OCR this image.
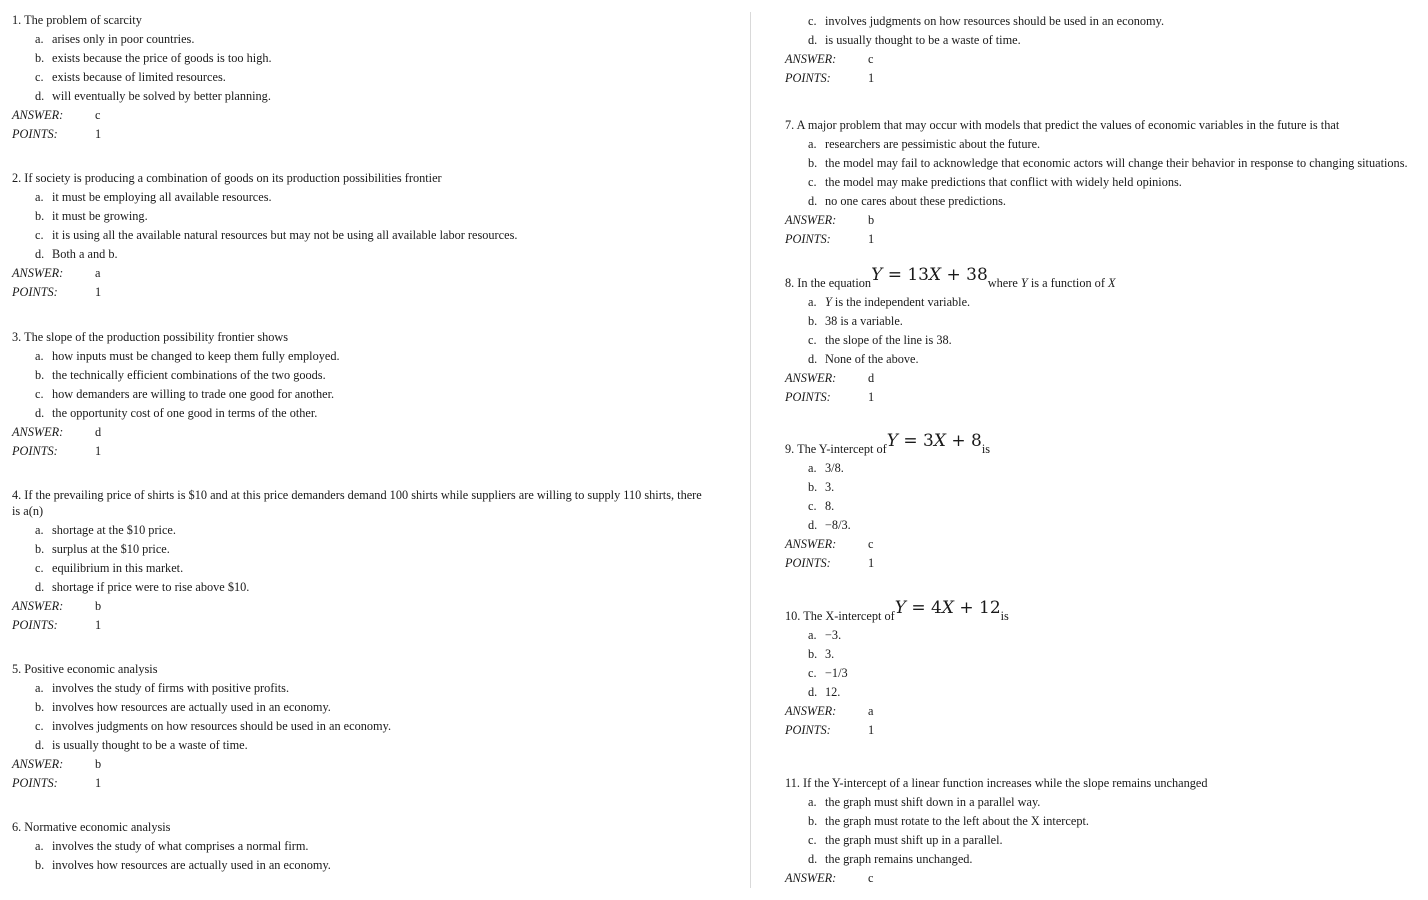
1. The problem of scarcity
a. arises only in poor countries.
b. exists because the price of goods is too high.
c. exists because of limited resources.
d. will eventually be solved by better planning.
ANSWER:	c
POINTS:	1
2. If society is producing a combination of goods on its production possibilities frontier
a. it must be employing all available resources.
b. it must be growing.
c. it is using all the available natural resources but may not be using all available labor resources.
d. Both a and b.
ANSWER:	a
POINTS:	1
3. The slope of the production possibility frontier shows
a. how inputs must be changed to keep them fully employed.
b. the technically efficient combinations of the two goods.
c. how demanders are willing to trade one good for another.
d. the opportunity cost of one good in terms of the other.
ANSWER:	d
POINTS:	1
4. If the prevailing price of shirts is $10 and at this price demanders demand 100 shirts while suppliers are willing to supply 110 shirts, there is a(n)
a. shortage at the $10 price.
b. surplus at the $10 price.
c. equilibrium in this market.
d. shortage if price were to rise above $10.
ANSWER:	b
POINTS:	1
5. Positive economic analysis
a. involves the study of firms with positive profits.
b. involves how resources are actually used in an economy.
c. involves judgments on how resources should be used in an economy.
d. is usually thought to be a waste of time.
ANSWER:	b
POINTS:	1
6. Normative economic analysis
a. involves the study of what comprises a normal firm.
b. involves how resources are actually used in an economy.
c. involves judgments on how resources should be used in an economy.
d. is usually thought to be a waste of time.
ANSWER:	c
POINTS:	1
7. A major problem that may occur with models that predict the values of economic variables in the future is that
a. researchers are pessimistic about the future.
b. the model may fail to acknowledge that economic actors will change their behavior in response to changing situations.
c. the model may make predictions that conflict with widely held opinions.
d. no one cares about these predictions.
ANSWER:	b
POINTS:	1
8. In the equationY = 13X + 38where Y is a function of X
a. Y is the independent variable.
b. 38 is a variable.
c. the slope of the line is 38.
d. None of the above.
ANSWER:	d
POINTS:	1
9. The Y-intercept ofY = 3X + 8is
a. 3/8.
b. 3.
c. 8.
d. −8/3.
ANSWER:	c
POINTS:	1
10. The X-intercept ofY = 4X + 12is
a. −3.
b. 3.
c. −1/3
d. 12.
ANSWER:	a
POINTS:	1
11. If the Y-intercept of a linear function increases while the slope remains unchanged
a. the graph must shift down in a parallel way.
b. the graph must rotate to the left about the X intercept.
c. the graph must shift up in a parallel.
d. the graph remains unchanged.
ANSWER:	c
